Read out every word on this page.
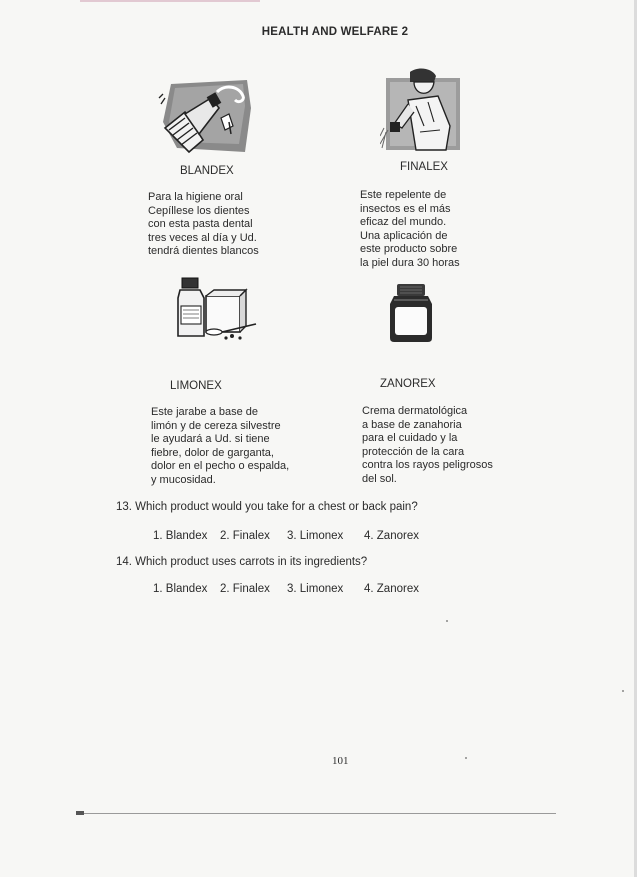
HEALTH AND WELFARE 2
BLANDEX
Para la higiene oral
Cepíllese los dientes
con esta pasta dental
tres veces al día y Ud.
tendrá dientes blancos
FINALEX
Este repelente de
insectos es el más
eficaz del mundo.
Una aplicación de
este producto sobre
la piel dura 30 horas
LIMONEX
Este jarabe a base de
limón y de cereza silvestre
le ayudará a Ud. si tiene
fiebre, dolor de garganta,
dolor en el pecho o espalda,
y mucosidad.
ZANOREX
Crema dermatológica
a base de zanahoria
para el cuidado y la
protección de la cara
contra los rayos peligrosos
del sol.
13. Which product would you take for a chest or back pain?
1. Blandex 2. Finalex 3. Limonex 4. Zanorex
14. Which product uses carrots in its ingredients?
1. Blandex 2. Finalex 3. Limonex 4. Zanorex
101
